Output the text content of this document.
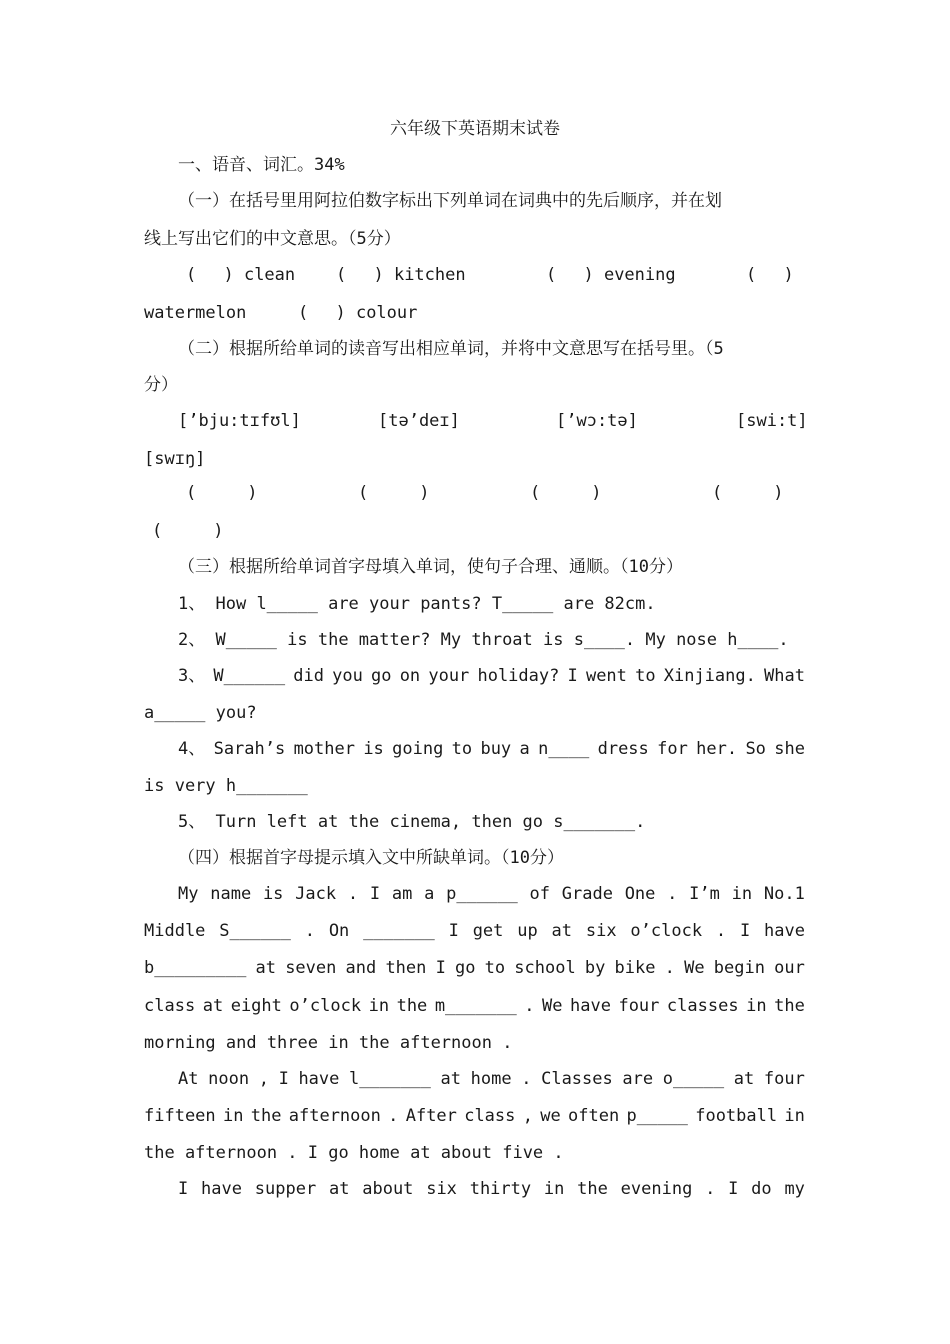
六年级下英语期末试卷
一、语音、词汇。34%
（一）在括号里用阿拉伯数字标出下列单词在词典中的先后顺序，并在划
线上写出它们的中文意思。（5分）
(　 ) clean (　 ) kitchen	(　 ) evening	(　 )
watermelon	(　 ) colour
（二）根据所给单词的读音写出相应单词，并将中文意思写在括号里。（5
分）
[’bju:tɪfʊl]	[tə’deɪ]	[’wɔ:tə]	[swi:t]
[swɪŋ]
(　　　)	(　　　)	(　　　)	(　　　)
(　　　)
（三）根据所给单词首字母填入单词，使句子合理、通顺。（10分）
1、 How l_____ are your pants? T_____ are 82cm.
2、 W_____ is the matter? My throat is s____. My nose h____.
3、 W______ did you go on your holiday? I went to Xinjiang. What
a_____ you?
4、 Sarah’s mother is going to buy a n____ dress for her. So she
is very h_______
5、 Turn left at the cinema, then go s_______.
（四）根据首字母提示填入文中所缺单词。（10分）
My name is Jack . I am a p______ of Grade One . I’m in No.1
Middle S______ . On _______ I get up at six o’clock . I have
b_________ at seven and then I go to school by bike . We begin our
class at eight o’clock in the m_______ . We have four classes in the
morning and three in the afternoon .
At noon , I have l_______ at home . Classes are o_____ at four
fifteen in the afternoon . After class , we often p_____ football in
the afternoon . I go home at about five .
I have supper at about six thirty in the evening . I do my
